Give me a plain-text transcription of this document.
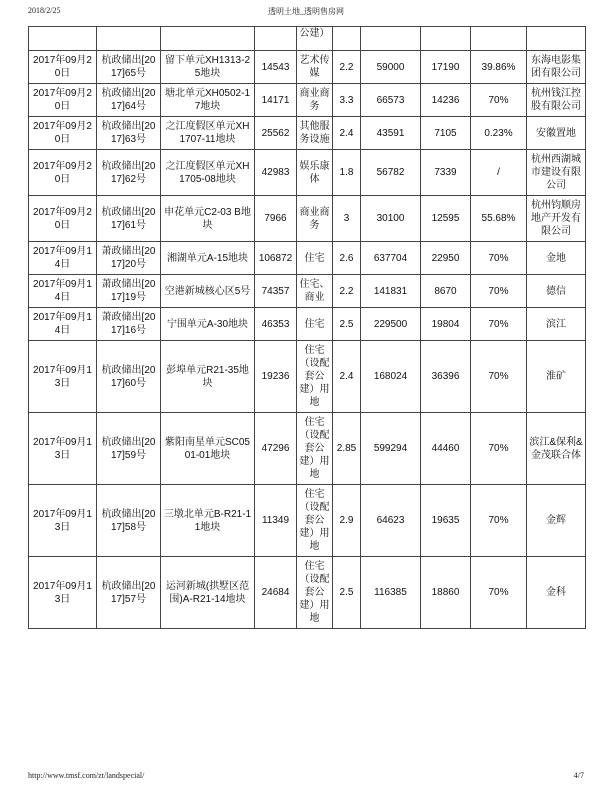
2018/2/25	透明土地_透明售房网
				公建）					
2017年09月20日	杭政储出[2017]65号	留下单元XH1313-25地块	14543	艺术传媒	2.2	59000	17190	39.86%	东海电影集团有限公司
2017年09月20日	杭政储出[2017]64号	塘北单元XH0502-17地块	14171	商业商务	3.3	66573	14236	70%	杭州钱江控股有限公司
2017年09月20日	杭政储出[2017]63号	之江度假区单元XH1707-11地块	25562	其他服务设施	2.4	43591	7105	0.23%	安徽置地
2017年09月20日	杭政储出[2017]62号	之江度假区单元XH1705-08地块	42983	娱乐康体	1.8	56782	7339	/	杭州西湖城市建设有限公司
2017年09月20日	杭政储出[2017]61号	申花单元C2-03 B地块	7966	商业商务	3	30100	12595	55.68%	杭州钧顺房地产开发有限公司
2017年09月14日	萧政储出[2017]20号	湘湖单元A-15地块	106872	住宅	2.6	637704	22950	70%	金地
2017年09月14日	萧政储出[2017]19号	空港新城核心区5号	74357	住宅、商业	2.2	141831	8670	70%	德信
2017年09月14日	萧政储出[2017]16号	宁围单元A-30地块	46353	住宅	2.5	229500	19804	70%	滨江
2017年09月13日	杭政储出[2017]60号	彭埠单元R21-35地块	19236	住宅（设配套公建）用地	2.4	168024	36396	70%	淮矿
2017年09月13日	杭政储出[2017]59号	紫阳南星单元SC0501-01地块	47296	住宅（设配套公建）用地	2.85	599294	44460	70%	滨江&保利&金茂联合体
2017年09月13日	杭政储出[2017]58号	三墩北单元B-R21-11地块	11349	住宅（设配套公建）用地	2.9	64623	19635	70%	金辉
2017年09月13日	杭政储出[2017]57号	运河新城(拱墅区范围)A-R21-14地块	24684	住宅（设配套公建）用地	2.5	116385	18860	70%	金科
http://www.tmsf.com/zt/landspecial/	4/7
